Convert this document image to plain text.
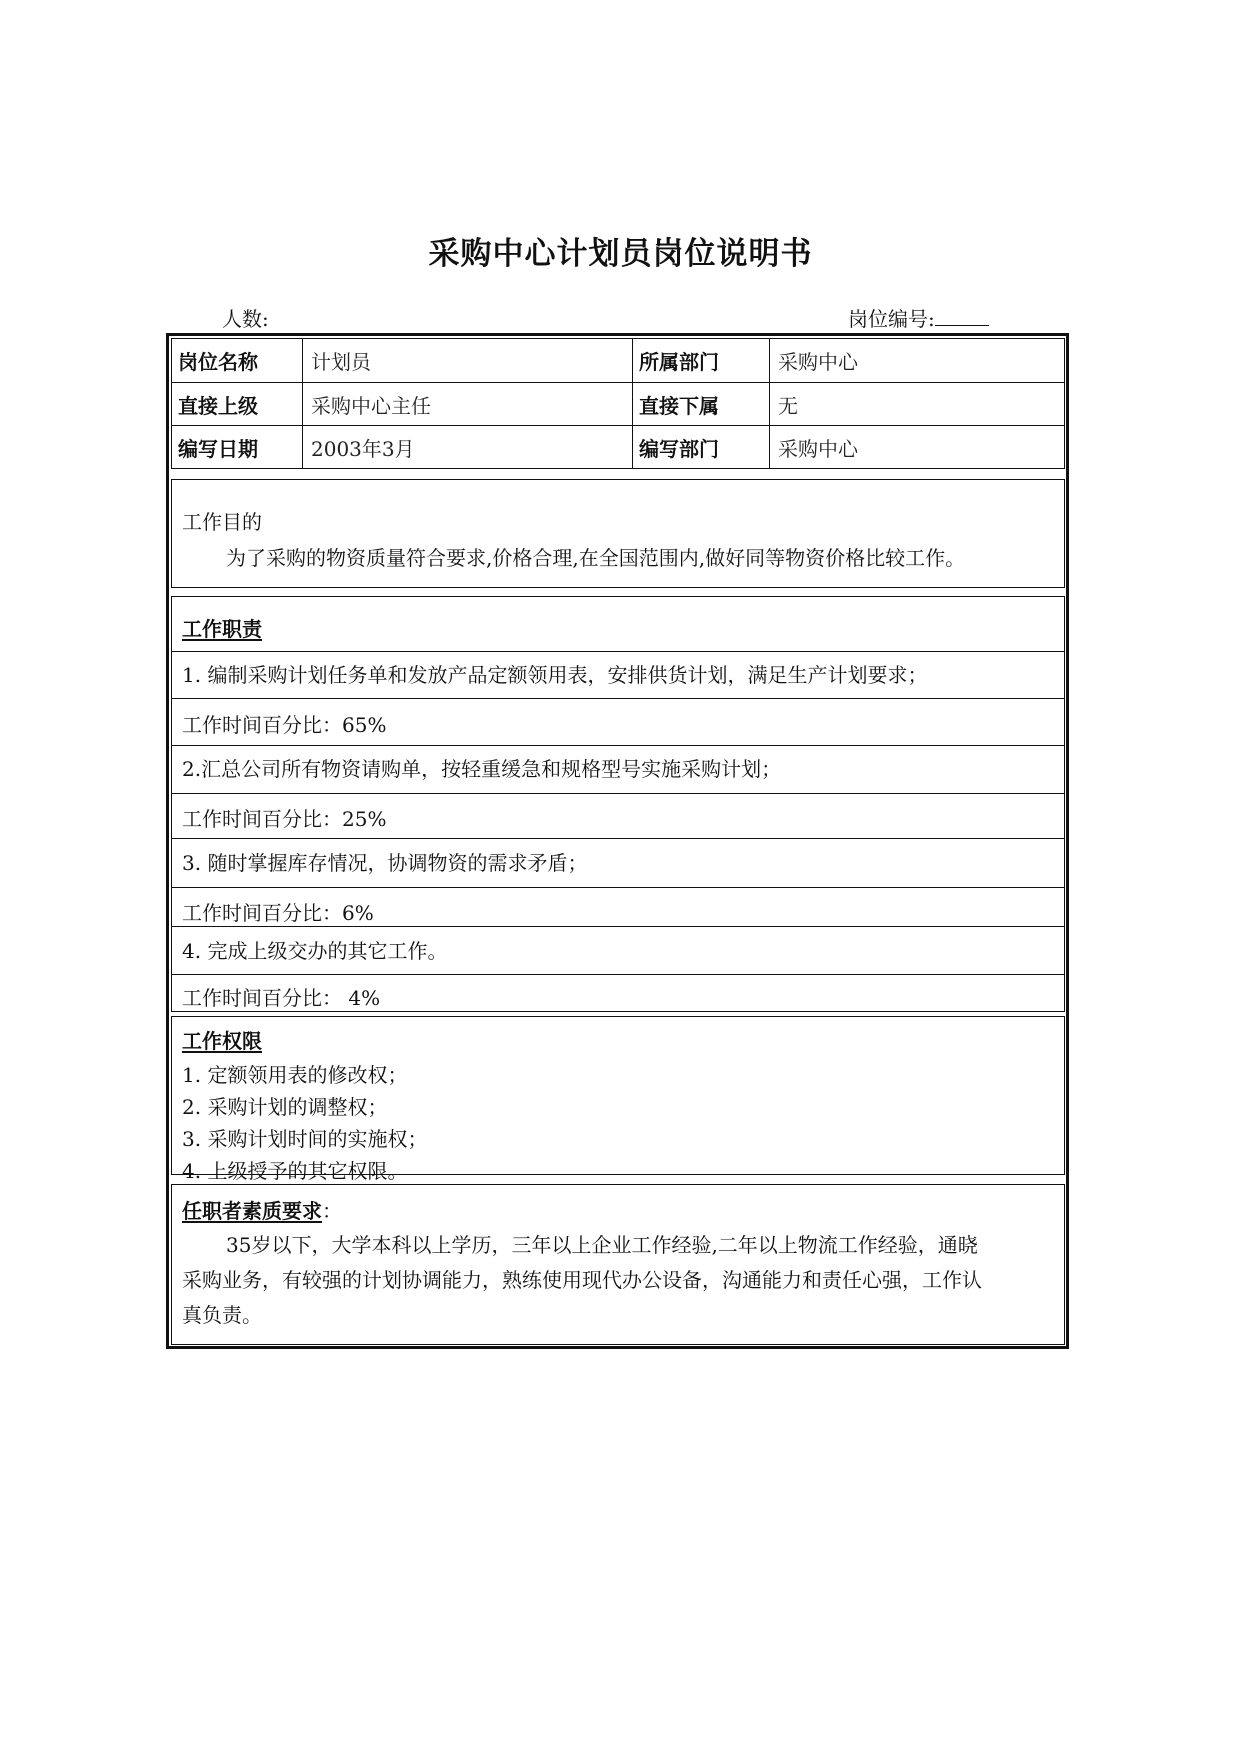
采购中心计划员岗位说明书
人数:	岗位编号:
岗位名称	计划员	所属部门	采购中心
直接上级	采购中心主任	直接下属	无
编写日期	2003年3月	编写部门	采购中心
工作目的
为了采购的物资质量符合要求,价格合理,在全国范围内,做好同等物资价格比较工作。
工作职责
1. 编制采购计划任务单和发放产品定额领用表，安排供货计划，满足生产计划要求；
工作时间百分比：65%
2.汇总公司所有物资请购单，按轻重缓急和规格型号实施采购计划；
工作时间百分比：25%
3. 随时掌握库存情况，协调物资的需求矛盾；
工作时间百分比：6%
4. 完成上级交办的其它工作。
工作时间百分比： 4%
工作权限
1. 定额领用表的修改权；
2. 采购计划的调整权；
3. 采购计划时间的实施权；
4. 上级授予的其它权限。
任职者素质要求：
35岁以下，大学本科以上学历，三年以上企业工作经验,二年以上物流工作经验，通晓
采购业务，有较强的计划协调能力，熟练使用现代办公设备，沟通能力和责任心强，工作认
真负责。
